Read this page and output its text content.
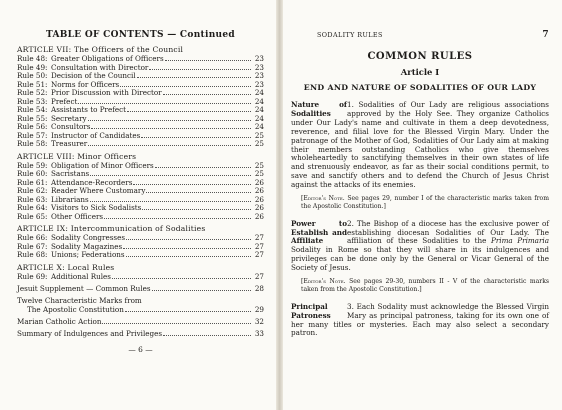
TABLE OF CONTENTS — Continued
ARTICLE VII: The Officers of the Council
Rule 48: Greater Obligations of Officers	23
Rule 49: Consultation with Director	23
Rule 50: Decision of the Council	23
Rule 51: Norms for Officers	23
Rule 52: Prior Discussion with Director	24
Rule 53: Prefect	24
Rule 54: Assistants to Prefect	24
Rule 55: Secretary	24
Rule 56: Consultors	24
Rule 57: Instructor of Candidates	25
Rule 58: Treasurer	25
ARTICLE VIII: Minor Officers
Rule 59: Obligation of Minor Officers	25
Rule 60: Sacristans	25
Rule 61: Attendance-Recorders	26
Rule 62: Reader Where Customary	26
Rule 63: Librarians	26
Rule 64: Visitors to Sick Sodalists	26
Rule 65: Other Officers	26
ARTICLE IX: Intercommunication of Sodalities
Rule 66: Sodality Congresses	27
Rule 67: Sodality Magazines	27
Rule 68: Unions; Federations	27
ARTICLE X: Local Rules
Rule 69: Additional Rules	27
Jesuit Supplement — Common Rules	28
Twelve Characteristic Marks from
The Apostolic Constitution	29
Marian Catholic Action	32
Summary of Indulgences and Privileges	33
— 6 —
SODALITY RULES	7
COMMON RULES
Article I
END AND NATURE OF SODALITIES OF OUR LADY
Nature of Sodalities
1. Sodalities of Our Lady are religious associations approved by the Holy See. They organize Catholics under Our Lady's name and cultivate in them a deep devotedness, reverence, and filial love for the Blessed Virgin Mary. Under the patronage of the Mother of God, Sodalities of Our Lady aim at making their members outstanding Catholics who give themselves wholeheartedly to sanctifying themselves in their own states of life and strenuously endeavor, as far as their social conditions permit, to save and sanctify others and to defend the Church of Jesus Christ against the attacks of its enemies.
[Editor's Note. See pages 29, number I of the characteristic marks taken from the Apostolic Constitution.]
Power to Establish and Affiliate
2. The Bishop of a diocese has the exclusive power of establishing diocesan Sodalities of Our Lady. The affiliation of these Sodalities to the Prima Primaria Sodality in Rome so that they will share in its indulgences and privileges can be done only by the General or Vicar General of the Society of Jesus.
[Editor's Note. See pages 29-30, numbers II - V of the characteristic marks taken from the Apostolic Constitution.]
Principal Patroness
3. Each Sodality must acknowledge the Blessed Virgin Mary as principal patroness, taking for its own one of her many titles or mysteries. Each may also select a secondary patron.
